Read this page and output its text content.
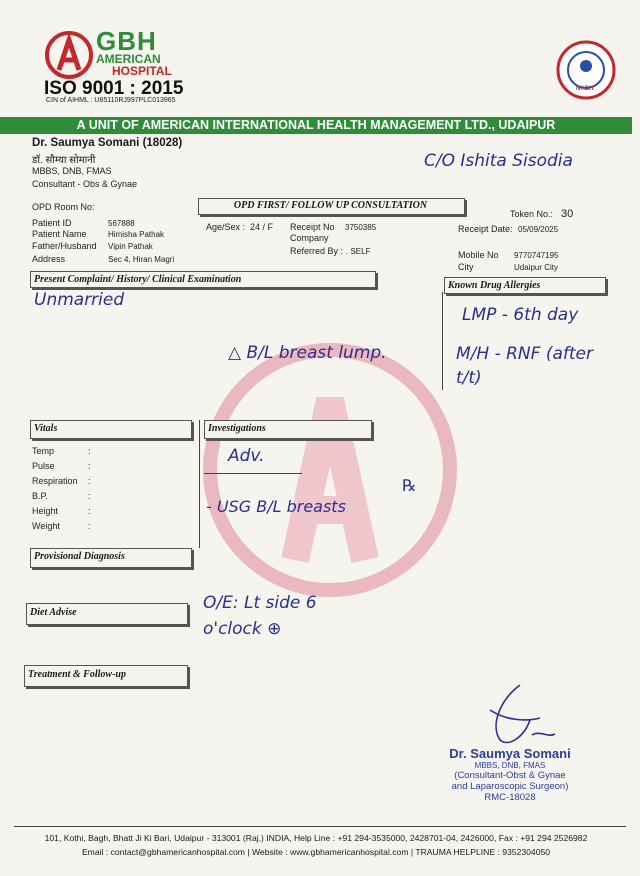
GBH
AMERICAN
HOSPITAL
ISO 9001 : 2015
CIN of AIHML : U85110RJ997PLC013965
NABH
A UNIT OF AMERICAN INTERNATIONAL HEALTH MANAGEMENT LTD., UDAIPUR
Dr. Saumya Somani (18028)
डॉ. सौम्या सोमानी
MBBS, DNB, FMAS
Consultant - Obs & Gynae
C/O Ishita Sisodia
OPD Room No:	OPD FIRST/ FOLLOW UP CONSULTATION
Token No.: 30
Patient ID	567888
Patient Name	Himisha Pathak
Father/Husband Vipin Pathak
Address	Sec 4, Hiran Magri
Age/Sex : 24 / F Receipt No 3750385
Company
Referred By : . SELF
Receipt Date: 05/09/2025
Mobile No 9770747195
City	Udaipur City
Present Complaint/ History/ Clinical Examination
Known Drug Allergies
Unmarried
△ B/L breast lump.
LMP - 6th day
M/H - RNF (after t/t)
Vitals
Temp	:
Pulse	:
Respiration :
B.P.	:
Height	:
Weight	:
Investigations
Adv.
- USG B/L breasts
℞
Provisional Diagnosis
O/E: Lt side 6 o'clock ⊕
Diet Advise
Treatment & Follow-up
Dr. Saumya Somani
MBBS, DNB, FMAS
(Consultant-Obst & Gynae
and Laparoscopic Surgeon)
RMC-18028
101, Kothi, Bagh, Bhatt Ji Ki Bari, Udaipur - 313001 (Raj.) INDIA, Help Line : +91 294-3535000, 2428701-04, 2426000, Fax : +91 294 2526982
Email : contact@gbhamericanhospital.com | Website : www.gbhamericanhospital.com | TRAUMA HELPLINE : 9352304050
